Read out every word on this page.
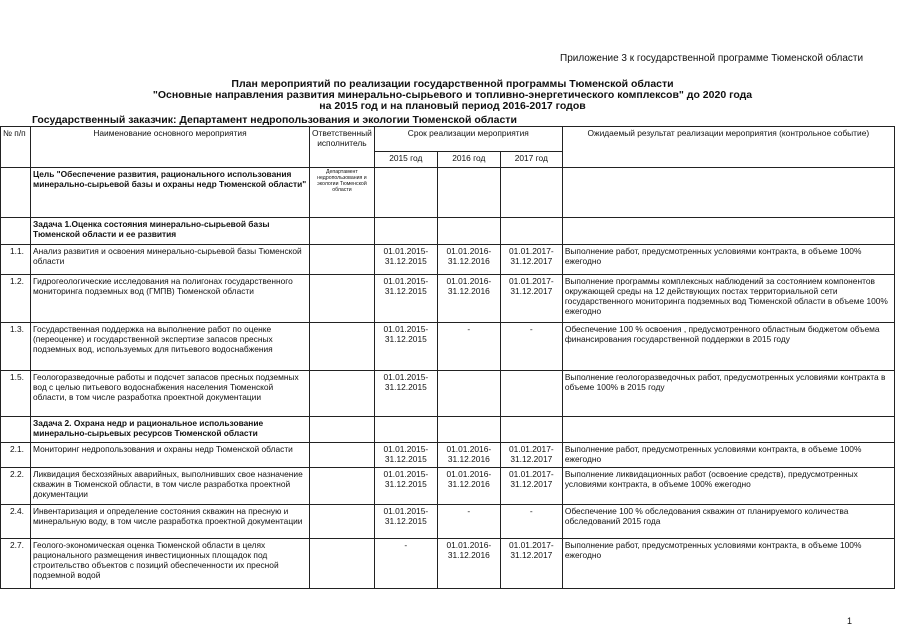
Приложение 3 к государственной программе Тюменской области
План мероприятий по реализации государственной программы Тюменской области
"Основные направления развития минерально-сырьевого и топливно-энергетического комплексов" до 2020 года
на 2015 год и на плановый период 2016-2017 годов
Государственный заказчик: Департамент недропользования и экологии Тюменской области
№ п/п	Наименование основного мероприятия	Ответственный исполнитель	Срок реализации мероприятия			Ожидаемый результат реализации мероприятия (контрольное событие)
			2015 год	2016 год	2017 год	
	Цель "Обеспечение развития, рационального использования минерально-сырьевой базы и охраны недр Тюменской области"	Департамент недропользования и экологии Тюменской области				
	Задача 1.Оценка состояния минерально-сырьевой базы Тюменской области и ее развития					
1.1.	Анализ развития и освоения минерально-сырьевой базы Тюменской области		01.01.2015-31.12.2015	01.01.2016-31.12.2016	01.01.2017-31.12.2017	Выполнение работ, предусмотренных условиями контракта, в объеме 100% ежегодно
1.2.	Гидрогеологические исследования на полигонах государственного мониторинга подземных вод (ГМПВ) Тюменской области		01.01.2015-31.12.2015	01.01.2016-31.12.2016	01.01.2017-31.12.2017	Выполнение программы комплексных наблюдений за состоянием компонентов окружающей среды на 12 действующих постах территориальной сети государственного мониторинга подземных вод Тюменской области в объеме 100% ежегодно
1.3.	Государственная поддержка на выполнение работ по оценке (переоценке) и государственной экспертизе запасов пресных подземных вод, используемых для питьевого водоснабжения		01.01.2015-31.12.2015	-	-	Обеспечение 100 % освоения , предусмотренного областным бюджетом объема финансирования государственной поддержки в 2015 году
1.5.	Геологоразведочные работы и подсчет запасов пресных подземных вод с целью питьевого водоснабжения населения Тюменской области, в том числе разработка проектной документации		01.01.2015-31.12.2015			Выполнение геологоразведочных работ, предусмотренных условиями контракта в объеме 100% в 2015 году
	Задача 2. Охрана недр и рациональное использование минерально-сырьевых ресурсов Тюменской области					
2.1.	Мониторинг недропользования и охраны недр Тюменской области		01.01.2015-31.12.2015	01.01.2016-31.12.2016	01.01.2017-31.12.2017	Выполнение работ, предусмотренных условиями контракта, в объеме 100% ежегодно
2.2.	Ликвидация бесхозяйных аварийных, выполнивших свое назначение скважин в Тюменской области, в том числе разработка проектной документации		01.01.2015-31.12.2015	01.01.2016-31.12.2016	01.01.2017-31.12.2017	Выполнение ликвидационных работ (освоение средств), предусмотренных условиями контракта, в объеме 100% ежегодно
2.4.	Инвентаризация и определение состояния скважин на пресную и минеральную воду, в том числе разработка проектной документации		01.01.2015-31.12.2015	-	-	Обеспечение 100 % обследования скважин от планируемого количества обследований 2015 года
2.7.	Геолого-экономическая оценка Тюменской области в целях рационального размещения инвестиционных площадок под строительство объектов с позиций обеспеченности их пресной подземной водой		-	01.01.2016-31.12.2016	01.01.2017-31.12.2017	Выполнение работ, предусмотренных условиями контракта, в объеме 100% ежегодно
1
